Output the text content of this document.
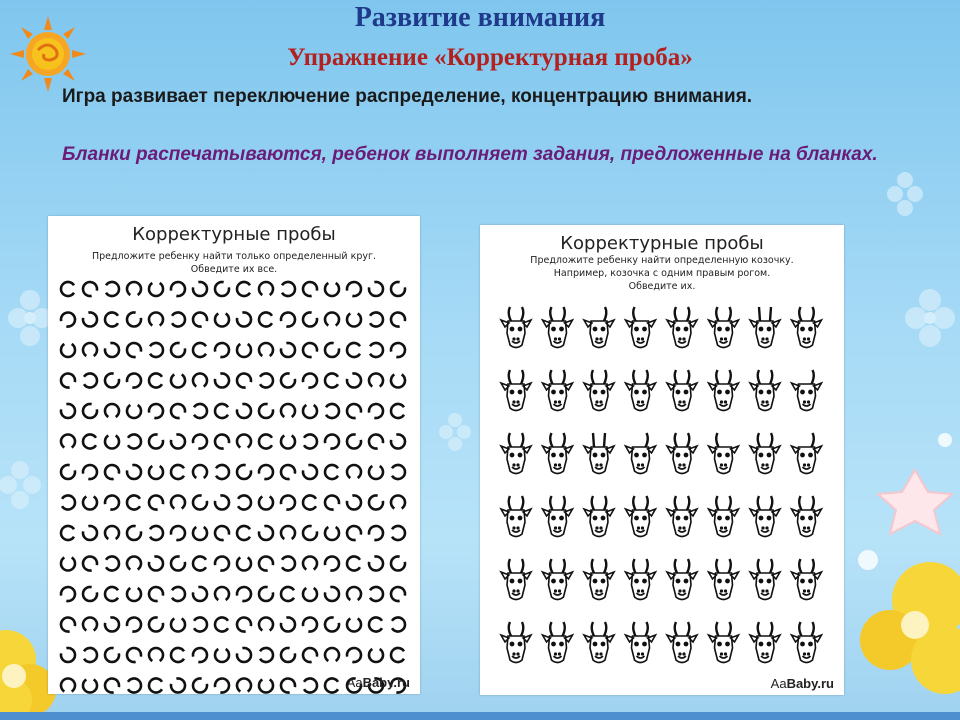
Развитие внимания
Упражнение «Корректурная проба»

Игра развивает переключение распределение, концентрацию внимания.

Бланки распечатываются, ребенок выполняет задания, предложенные на бланках.

Корректурные пробы

Предложите ребенку найти только определенный круг.

Обведите их все.

AaBaby.ru

Корректурные пробы

Предложите ребенку найти определенную козочку.

Например, козочка с одним правым рогом.

Обведите их.

AaBaby.ru
